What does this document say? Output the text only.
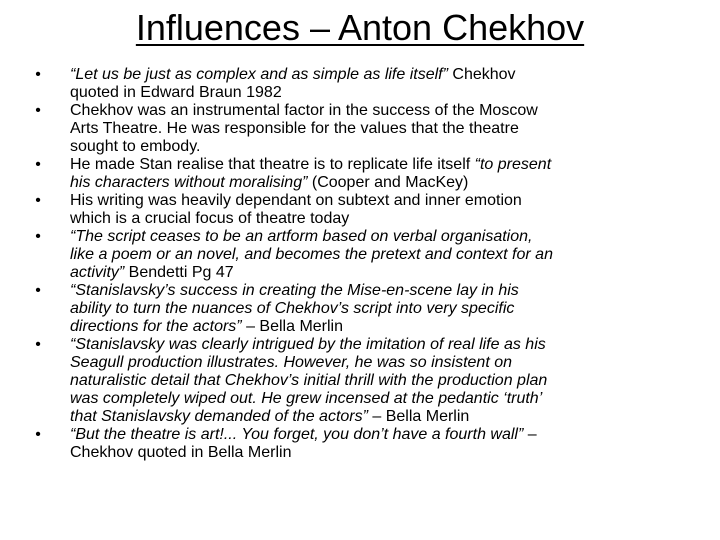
Influences – Anton Chekhov
•	“Let us be just as complex and as simple as life itself” Chekhov
quoted in Edward Braun 1982
•	Chekhov was an instrumental factor in the success of the Moscow
Arts Theatre. He was responsible for the values that the theatre
sought to embody.
•	He made Stan realise that theatre is to replicate life itself “to present
his characters without moralising” (Cooper and MacKey)
•	His writing was heavily dependant on subtext and inner emotion
which is a crucial focus of theatre today
•	“The script ceases to be an artform based on verbal organisation,
like a poem or an novel, and becomes the pretext and context for an
activity” Bendetti Pg 47
•	“Stanislavsky’s success in creating the Mise-en-scene lay in his
ability to turn the nuances of Chekhov’s script into very specific
directions for the actors” – Bella Merlin
•	“Stanislavsky was clearly intrigued by the imitation of real life as his
Seagull production illustrates. However, he was so insistent on
naturalistic detail that Chekhov’s initial thrill with the production plan
was completely wiped out. He grew incensed at the pedantic ‘truth’
that Stanislavsky demanded of the actors” – Bella Merlin
•	“But the theatre is art!... You forget, you don’t have a fourth wall” –
Chekhov quoted in Bella Merlin
